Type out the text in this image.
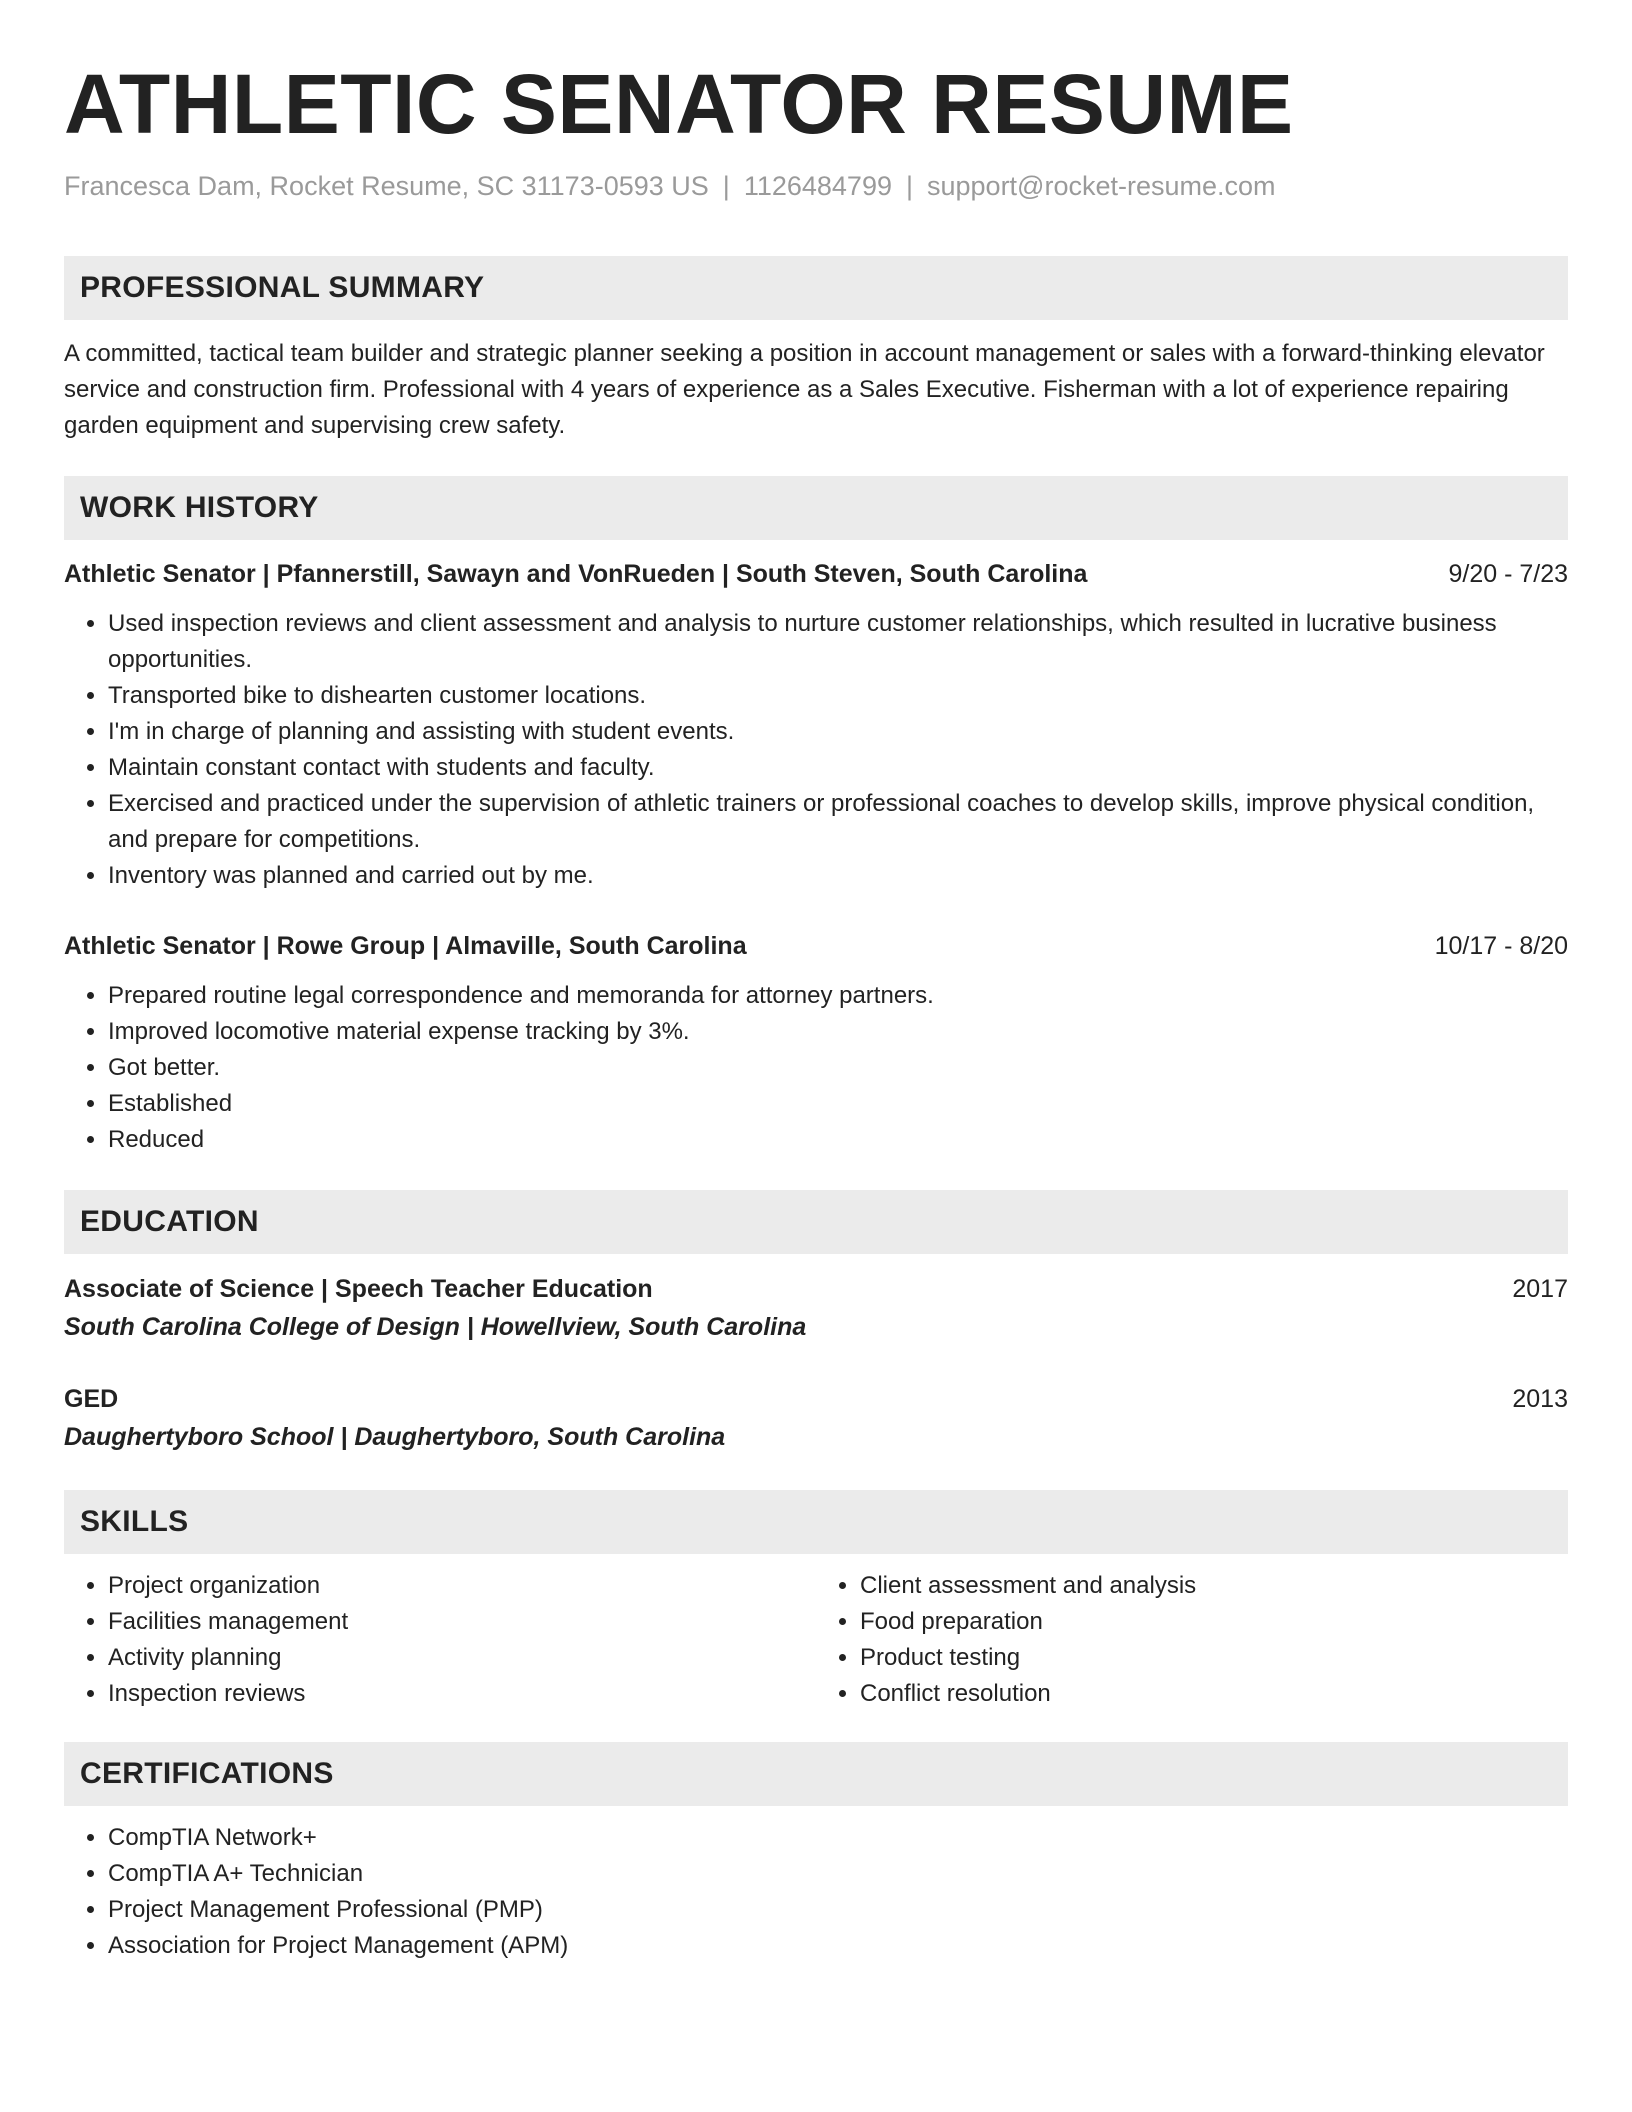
ATHLETIC SENATOR RESUME
Francesca Dam, Rocket Resume, SC 31173-0593 US | 1126484799 | support@rocket-resume.com
PROFESSIONAL SUMMARY
A committed, tactical team builder and strategic planner seeking a position in account management or sales with a forward-thinking elevator service and construction firm. Professional with 4 years of experience as a Sales Executive. Fisherman with a lot of experience repairing garden equipment and supervising crew safety.
WORK HISTORY
Athletic Senator | Pfannerstill, Sawayn and VonRueden | South Steven, South Carolina	9/20 - 7/23
• Used inspection reviews and client assessment and analysis to nurture customer relationships, which resulted in lucrative business opportunities.
• Transported bike to dishearten customer locations.
• I'm in charge of planning and assisting with student events.
• Maintain constant contact with students and faculty.
• Exercised and practiced under the supervision of athletic trainers or professional coaches to develop skills, improve physical condition, and prepare for competitions.
• Inventory was planned and carried out by me.
Athletic Senator | Rowe Group | Almaville, South Carolina	10/17 - 8/20
• Prepared routine legal correspondence and memoranda for attorney partners.
• Improved locomotive material expense tracking by 3%.
• Got better.
• Established
• Reduced
EDUCATION
Associate of Science | Speech Teacher Education	2017
South Carolina College of Design | Howellview, South Carolina
GED	2013
Daughertyboro School | Daughertyboro, South Carolina
SKILLS
• Project organization
• Facilities management
• Activity planning
• Inspection reviews
• Client assessment and analysis
• Food preparation
• Product testing
• Conflict resolution
CERTIFICATIONS
• CompTIA Network+
• CompTIA A+ Technician
• Project Management Professional (PMP)
• Association for Project Management (APM)
